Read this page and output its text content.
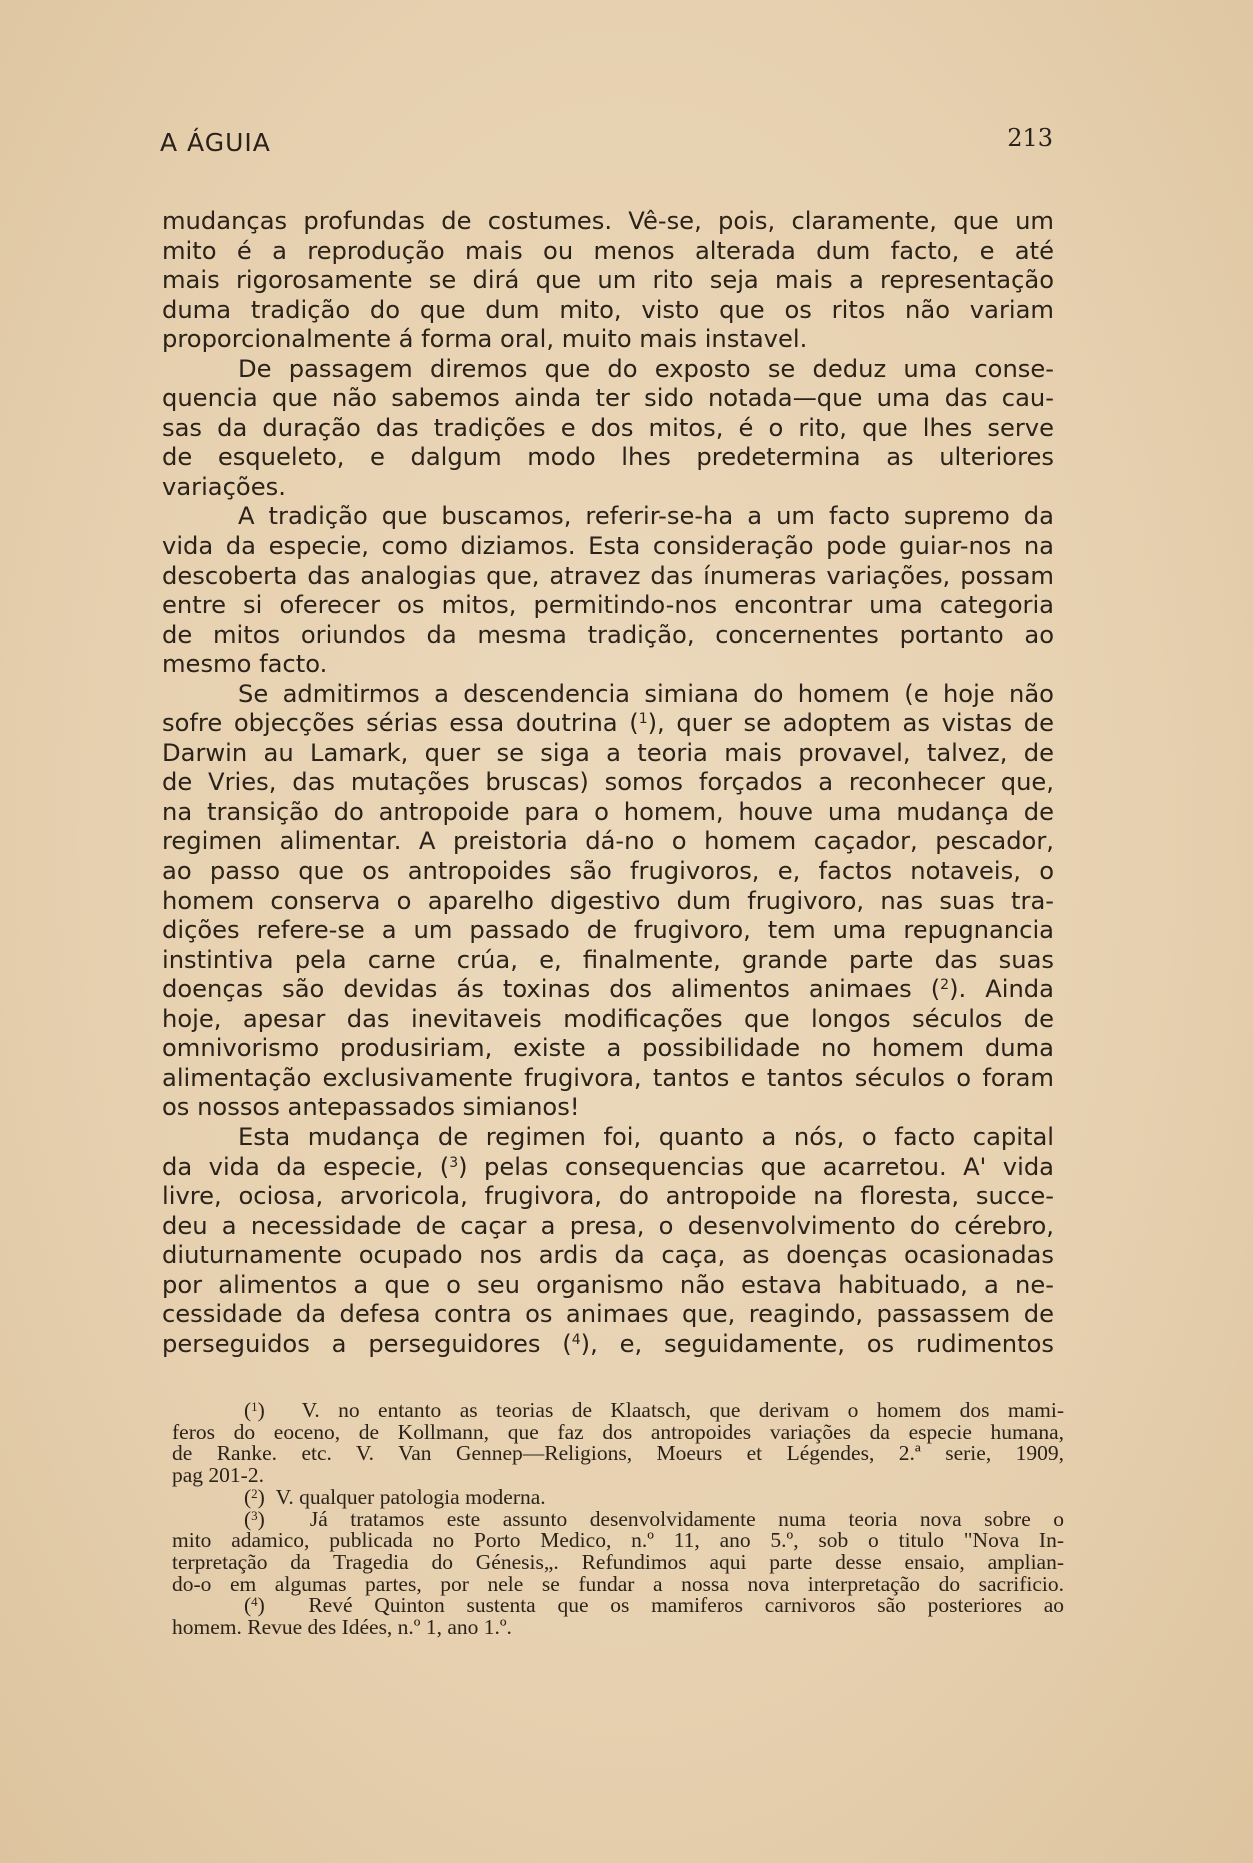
A ÁGUIA	213
mudanças profundas de costumes. Vê-se, pois, claramente, que um
mito é a reprodução mais ou menos alterada dum facto, e até
mais rigorosamente se dirá que um rito seja mais a representação
duma tradição do que dum mito, visto que os ritos não variam
proporcionalmente á forma oral, muito mais instavel.
De passagem diremos que do exposto se deduz uma conse-
quencia que não sabemos ainda ter sido notada—que uma das cau-
sas da duração das tradições e dos mitos, é o rito, que lhes serve
de esqueleto, e dalgum modo lhes predetermina as ulteriores
variações.
A tradição que buscamos, referir-se-ha a um facto supremo da
vida da especie, como diziamos. Esta consideração pode guiar-nos na
descoberta das analogias que, atravez das ínumeras variações, possam
entre si oferecer os mitos, permitindo-nos encontrar uma categoria
de mitos oriundos da mesma tradição, concernentes portanto ao
mesmo facto.
Se admitirmos a descendencia simiana do homem (e hoje não
sofre objecções sérias essa doutrina ($^1$), quer se adoptem as vistas de
Darwin au Lamark, quer se siga a teoria mais provavel, talvez, de
de Vries, das mutações bruscas) somos forçados a reconhecer que,
na transição do antropoide para o homem, houve uma mudança de
regimen alimentar. A preistoria dá-no o homem caçador, pescador,
ao passo que os antropoides são frugivoros, e, factos notaveis, o
homem conserva o aparelho digestivo dum frugivoro, nas suas tra-
dições refere-se a um passado de frugivoro, tem uma repugnancia
instintiva pela carne crúa, e, finalmente, grande parte das suas
doenças são devidas ás toxinas dos alimentos animaes ($^2$). Ainda
hoje, apesar das inevitaveis modificações que longos séculos de
omnivorismo produsiriam, existe a possibilidade no homem duma
alimentação exclusivamente frugivora, tantos e tantos séculos o foram
os nossos antepassados simianos!
Esta mudança de regimen foi, quanto a nós, o facto capital
da vida da especie, ($^3$) pelas consequencias que acarretou. A' vida
livre, ociosa, arvoricola, frugivora, do antropoide na floresta, succe-
deu a necessidade de caçar a presa, o desenvolvimento do cérebro,
diuturnamente ocupado nos ardis da caça, as doenças ocasionadas
por alimentos a que o seu organismo não estava habituado, a ne-
cessidade da defesa contra os animaes que, reagindo, passassem de
perseguidos a perseguidores ($^4$), e, seguidamente, os rudimentos
($^1$) V. no entanto as teorias de Klaatsch, que derivam o homem dos mami-
feros do eoceno, de Kollmann, que faz dos antropoides variações da especie humana,
de Ranke. etc. V. Van Gennep—Religions, Moeurs et Légendes, 2.ª serie, 1909,
pag 201-2.
($^2$) V. qualquer patologia moderna.
($^3$) Já tratamos este assunto desenvolvidamente numa teoria nova sobre o
mito adamico, publicada no Porto Medico, n.º 11, ano 5.º, sob o titulo "Nova In-
terpretação da Tragedia do Génesis„. Refundimos aqui parte desse ensaio, amplian-
do-o em algumas partes, por nele se fundar a nossa nova interpretação do sacrificio.
($^4$) Revé Quinton sustenta que os mamiferos carnivoros são posteriores ao
homem. Revue des Idées, n.º 1, ano 1.º.
